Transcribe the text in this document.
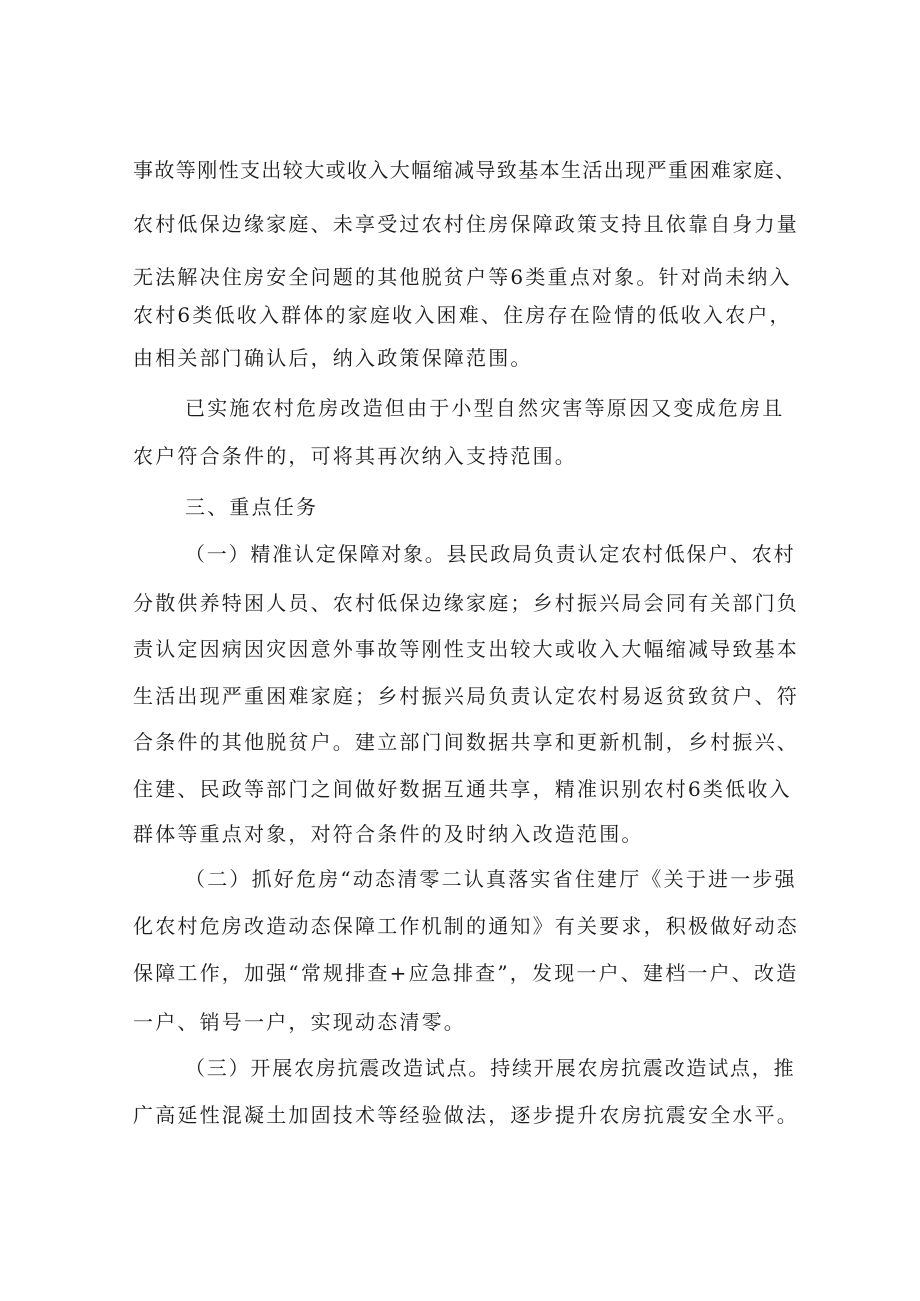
事故等刚性支出较大或收入大幅缩减导致基本生活出现严重困难家庭、
农村低保边缘家庭、未享受过农村住房保障政策支持且依靠自身力量
无法解决住房安全问题的其他脱贫户等6类重点对象。针对尚未纳入
农村6类低收入群体的家庭收入困难、住房存在险情的低收入农户，
由相关部门确认后，纳入政策保障范围。
已实施农村危房改造但由于小型自然灾害等原因又变成危房且
农户符合条件的，可将其再次纳入支持范围。
三、重点任务
（一）精准认定保障对象。县民政局负责认定农村低保户、农村
分散供养特困人员、农村低保边缘家庭；乡村振兴局会同有关部门负
责认定因病因灾因意外事故等刚性支出较大或收入大幅缩减导致基本
生活出现严重困难家庭；乡村振兴局负责认定农村易返贫致贫户、符
合条件的其他脱贫户。建立部门间数据共享和更新机制，乡村振兴、
住建、民政等部门之间做好数据互通共享，精准识别农村6类低收入
群体等重点对象，对符合条件的及时纳入改造范围。
（二）抓好危房“动态清零二认真落实省住建厅《关于进一步强
化农村危房改造动态保障工作机制的通知》有关要求，积极做好动态
保障工作，加强“常规排查+应急排查”，发现一户、建档一户、改造
一户、销号一户，实现动态清零。
（三）开展农房抗震改造试点。持续开展农房抗震改造试点，推
广高延性混凝土加固技术等经验做法，逐步提升农房抗震安全水平。
